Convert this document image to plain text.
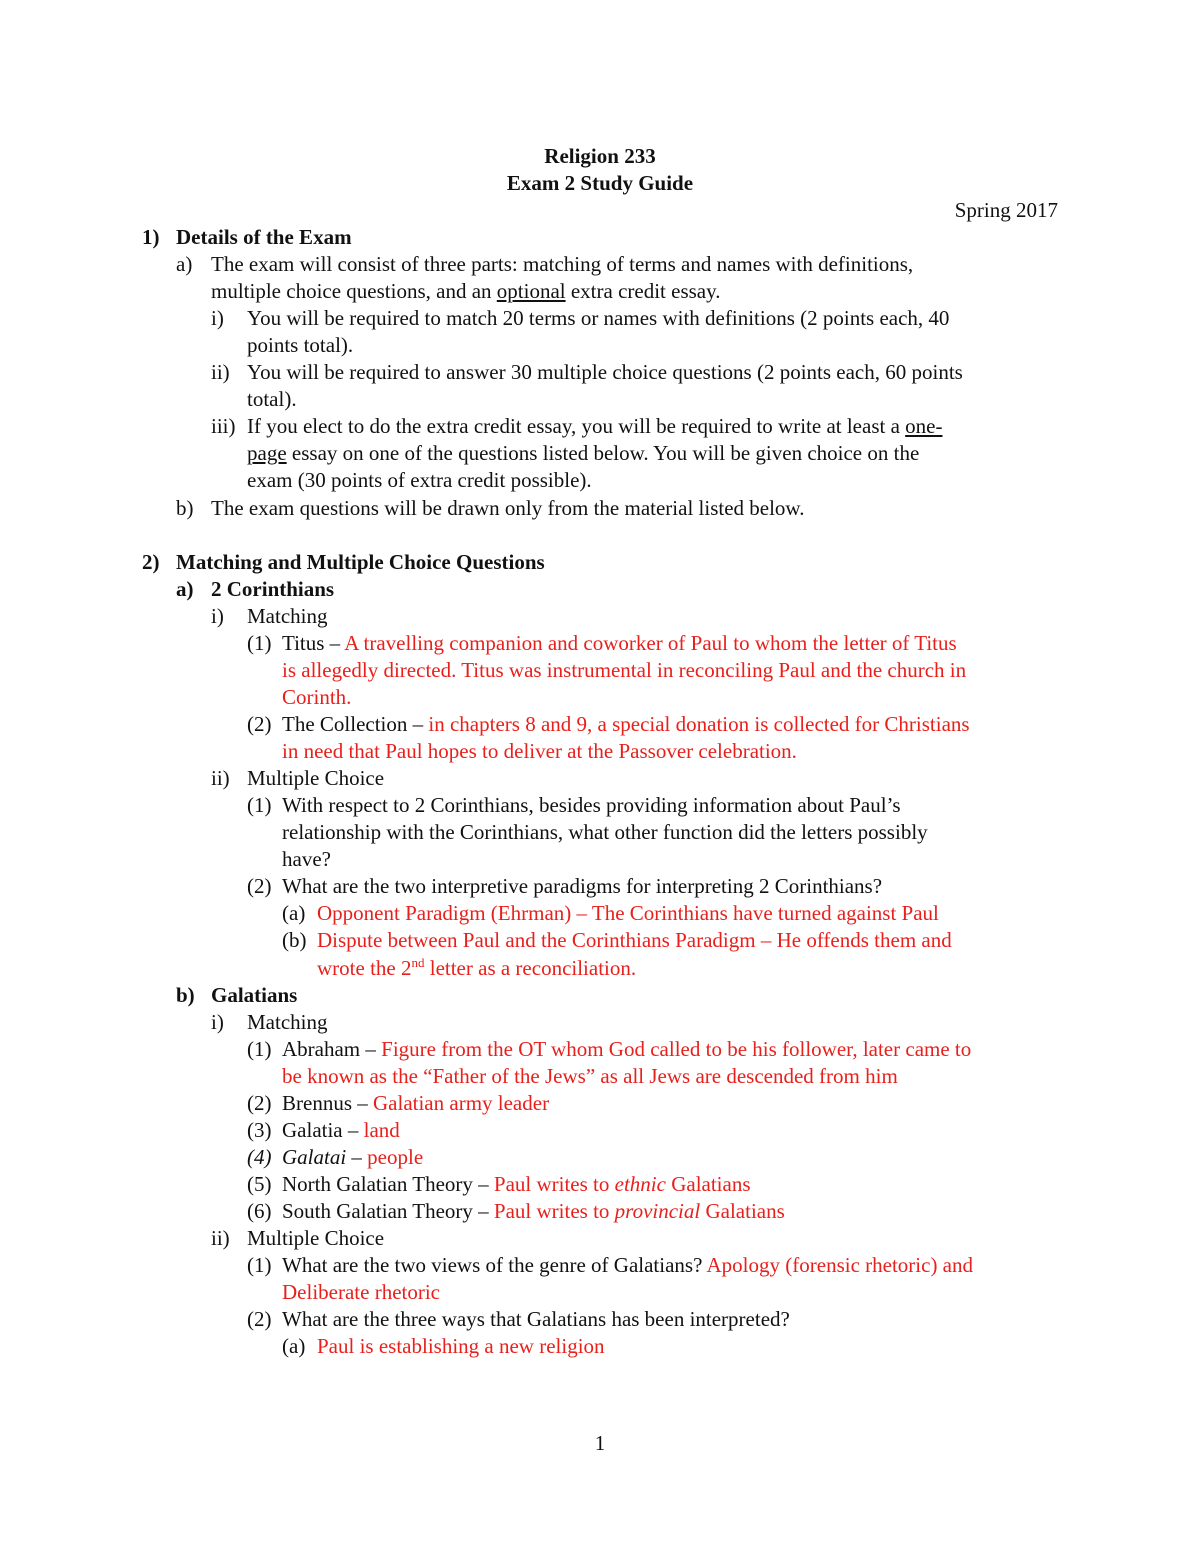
Religion 233
Exam 2 Study Guide
Spring 2017
1) Details of the Exam
a) The exam will consist of three parts: matching of terms and names with definitions,
multiple choice questions, and an optional extra credit essay.
i) You will be required to match 20 terms or names with definitions (2 points each, 40
points total).
ii) You will be required to answer 30 multiple choice questions (2 points each, 60 points
total).
iii) If you elect to do the extra credit essay, you will be required to write at least a one-
page essay on one of the questions listed below. You will be given choice on the
exam (30 points of extra credit possible).
b) The exam questions will be drawn only from the material listed below.
2) Matching and Multiple Choice Questions
a) 2 Corinthians
i) Matching
(1) Titus – A travelling companion and coworker of Paul to whom the letter of Titus
is allegedly directed. Titus was instrumental in reconciling Paul and the church in
Corinth.
(2) The Collection – in chapters 8 and 9, a special donation is collected for Christians
in need that Paul hopes to deliver at the Passover celebration.
ii) Multiple Choice
(1) With respect to 2 Corinthians, besides providing information about Paul’s
relationship with the Corinthians, what other function did the letters possibly
have?
(2) What are the two interpretive paradigms for interpreting 2 Corinthians?
(a) Opponent Paradigm (Ehrman) – The Corinthians have turned against Paul
(b) Dispute between Paul and the Corinthians Paradigm – He offends them and
wrote the 2nd letter as a reconciliation.
b) Galatians
i) Matching
(1) Abraham – Figure from the OT whom God called to be his follower, later came to
be known as the “Father of the Jews” as all Jews are descended from him
(2) Brennus – Galatian army leader
(3) Galatia – land
(4) Galatai – people
(5) North Galatian Theory – Paul writes to ethnic Galatians
(6) South Galatian Theory – Paul writes to provincial Galatians
ii) Multiple Choice
(1) What are the two views of the genre of Galatians? Apology (forensic rhetoric) and
Deliberate rhetoric
(2) What are the three ways that Galatians has been interpreted?
(a) Paul is establishing a new religion
1
